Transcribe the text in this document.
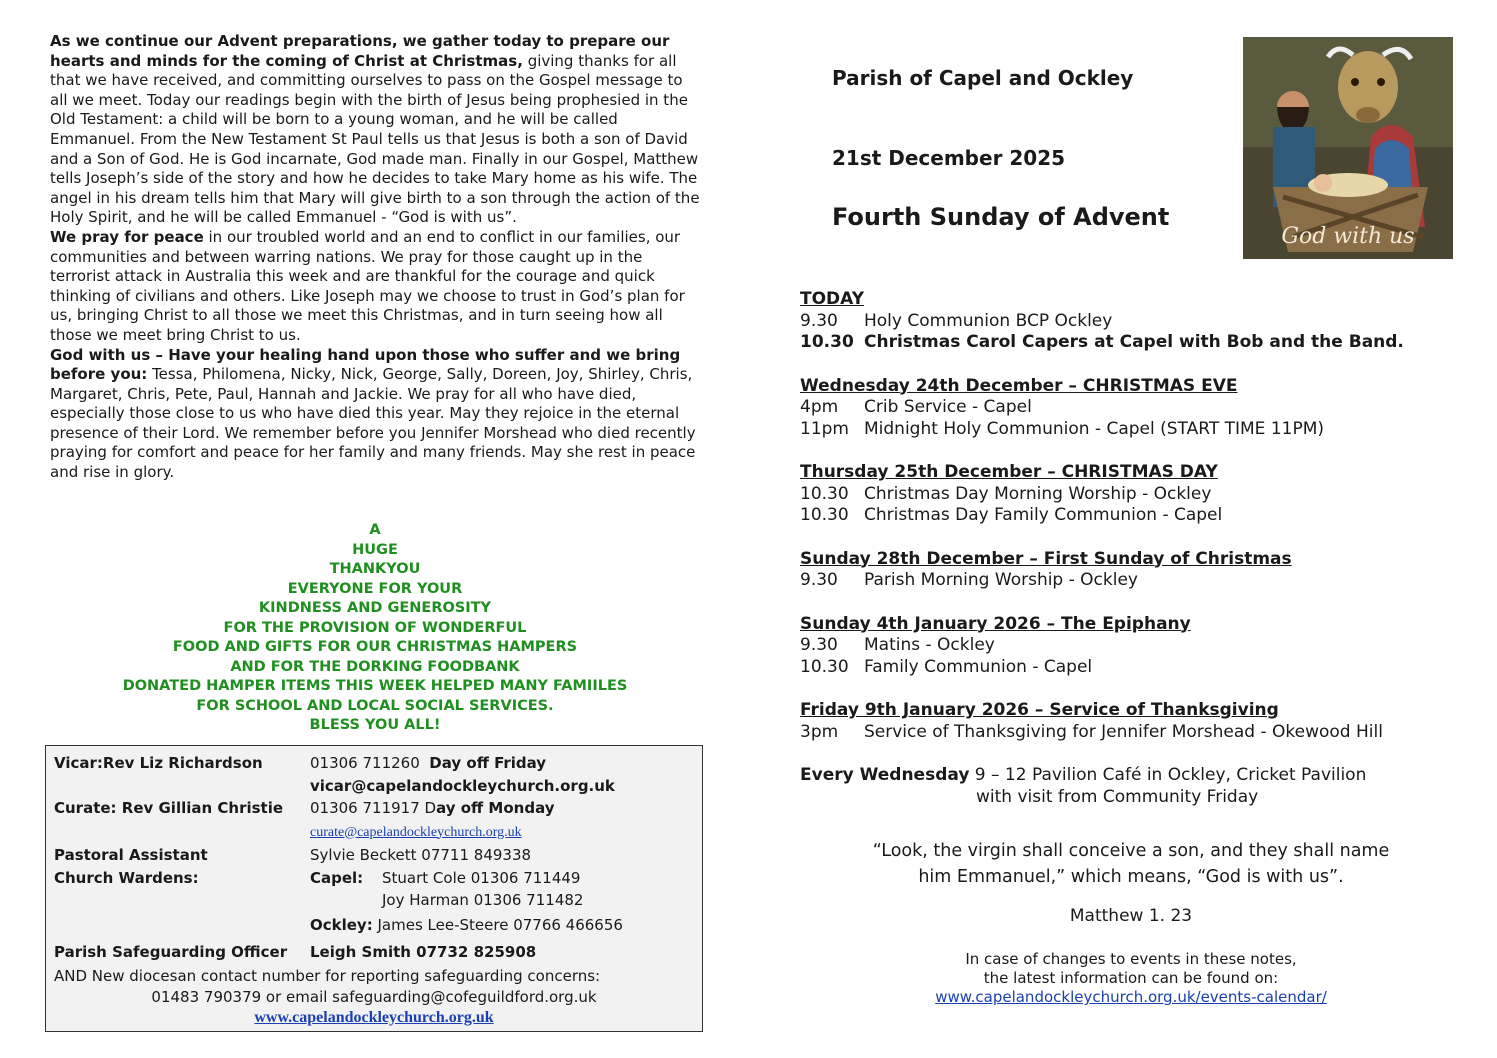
As we continue our Advent preparations, we gather today to prepare our hearts and minds for the coming of Christ at Christmas, giving thanks for all that we have received, and committing ourselves to pass on the Gospel message to all we meet. Today our readings begin with the birth of Jesus being prophesied in the Old Testament: a child will be born to a young woman, and he will be called Emmanuel. From the New Testament St Paul tells us that Jesus is both a son of David and a Son of God. He is God incarnate, God made man. Finally in our Gospel, Matthew tells Joseph’s side of the story and how he decides to take Mary home as his wife. The angel in his dream tells him that Mary will give birth to a son through the action of the Holy Spirit, and he will be called Emmanuel - “God is with us”.
We pray for peace in our troubled world and an end to conflict in our families, our communities and between warring nations. We pray for those caught up in the terrorist attack in Australia this week and are thankful for the courage and quick thinking of civilians and others. Like Joseph may we choose to trust in God’s plan for us, bringing Christ to all those we meet this Christmas, and in turn seeing how all those we meet bring Christ to us.
God with us – Have your healing hand upon those who suffer and we bring before you: Tessa, Philomena, Nicky, Nick, George, Sally, Doreen, Joy, Shirley, Chris, Margaret, Chris, Pete, Paul, Hannah and Jackie. We pray for all who have died, especially those close to us who have died this year. May they rejoice in the eternal presence of their Lord. We remember before you Jennifer Morshead who died recently praying for comfort and peace for her family and many friends. May she rest in peace and rise in glory.

A
HUGE
THANKYOU
EVERYONE FOR YOUR
KINDNESS AND GENEROSITY
FOR THE PROVISION OF WONDERFUL
FOOD AND GIFTS FOR OUR CHRISTMAS HAMPERS
AND FOR THE DORKING FOODBANK
DONATED HAMPER ITEMS THIS WEEK HELPED MANY FAMIILES
FOR SCHOOL AND LOCAL SOCIAL SERVICES.
BLESS YOU ALL!
Vicar:Rev Liz Richardson	01306 711260 Day off Friday
vicar@capelandockleychurch.org.uk
Curate: Rev Gillian Christie	01306 711917 Day off Monday
curate@capelandockleychurch.org.uk
Pastoral Assistant	Sylvie Beckett 07711 849338
Church Wardens:	Capel: Stuart Cole 01306 711449
Joy Harman 01306 711482
Ockley: James Lee-Steere 07766 466656
Parish Safeguarding Officer	Leigh Smith 07732 825908
AND New diocesan contact number for reporting safeguarding concerns:
01483 790379 or email safeguarding@cofeguildford.org.uk
www.capelandockleychurch.org.uk
Parish of Capel and Ockley
21st December 2025
Fourth Sunday of Advent
God with us
TODAY
9.30	Holy Communion BCP Ockley
10.30 Christmas Carol Capers at Capel with Bob and the Band.
Wednesday 24th December – CHRISTMAS EVE
4pm	Crib Service - Capel
11pm Midnight Holy Communion - Capel (START TIME 11PM)
Thursday 25th December – CHRISTMAS DAY
10.30 Christmas Day Morning Worship - Ockley
10.30 Christmas Day Family Communion - Capel
Sunday 28th December – First Sunday of Christmas
9.30	Parish Morning Worship - Ockley
Sunday 4th January 2026 – The Epiphany
9.30	Matins - Ockley
10.30 Family Communion - Capel
Friday 9th January 2026 – Service of Thanksgiving
3pm	Service of Thanksgiving for Jennifer Morshead - Okewood Hill
Every Wednesday 9 – 12 Pavilion Café in Ockley, Cricket Pavilion
with visit from Community Friday
“Look, the virgin shall conceive a son, and they shall name
him Emmanuel,” which means, “God is with us”.
Matthew 1. 23
In case of changes to events in these notes,
the latest information can be found on:
www.capelandockleychurch.org.uk/events-calendar/
